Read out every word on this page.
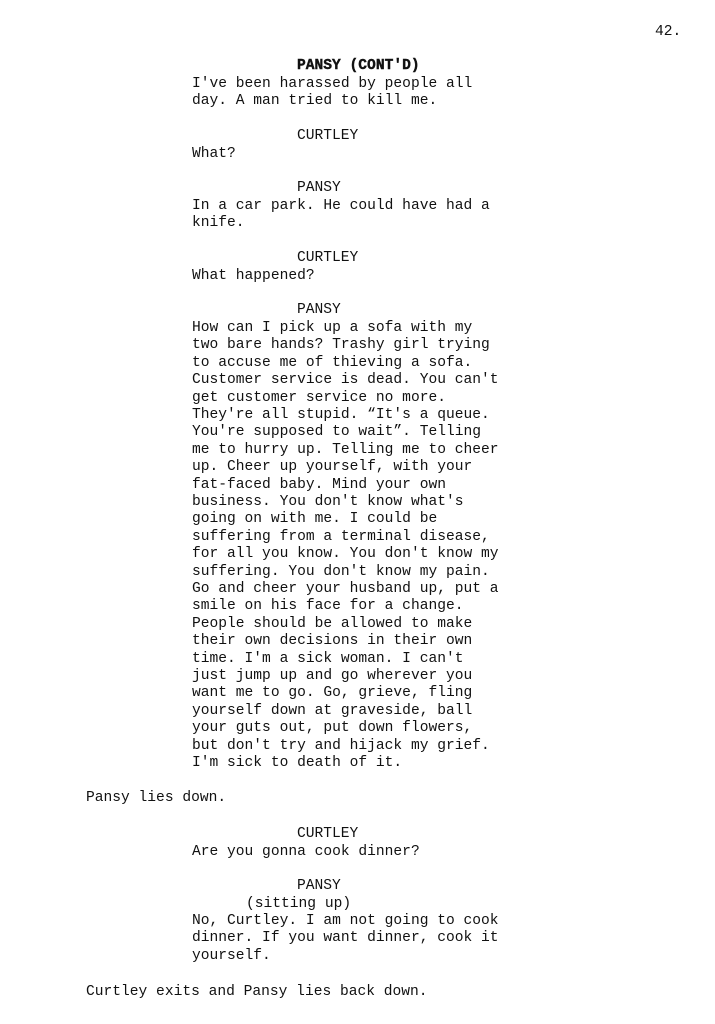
42.
PANSY (CONT'D)
I've been harassed by people all
day. A man tried to kill me.
CURTLEY
What?
PANSY
In a car park. He could have had a
knife.
CURTLEY
What happened?
PANSY
How can I pick up a sofa with my
two bare hands? Trashy girl trying
to accuse me of thieving a sofa.
Customer service is dead. You can't
get customer service no more.
They're all stupid. “It's a queue.
You're supposed to wait”. Telling
me to hurry up. Telling me to cheer
up. Cheer up yourself, with your
fat-faced baby. Mind your own
business. You don't know what's
going on with me. I could be
suffering from a terminal disease,
for all you know. You don't know my
suffering. You don't know my pain.
Go and cheer your husband up, put a
smile on his face for a change.
People should be allowed to make
their own decisions in their own
time. I'm a sick woman. I can't
just jump up and go wherever you
want me to go. Go, grieve, fling
yourself down at graveside, ball
your guts out, put down flowers,
but don't try and hijack my grief.
I'm sick to death of it.
Pansy lies down.
CURTLEY
Are you gonna cook dinner?
PANSY
(sitting up)
No, Curtley. I am not going to cook
dinner. If you want dinner, cook it
yourself.
Curtley exits and Pansy lies back down.
